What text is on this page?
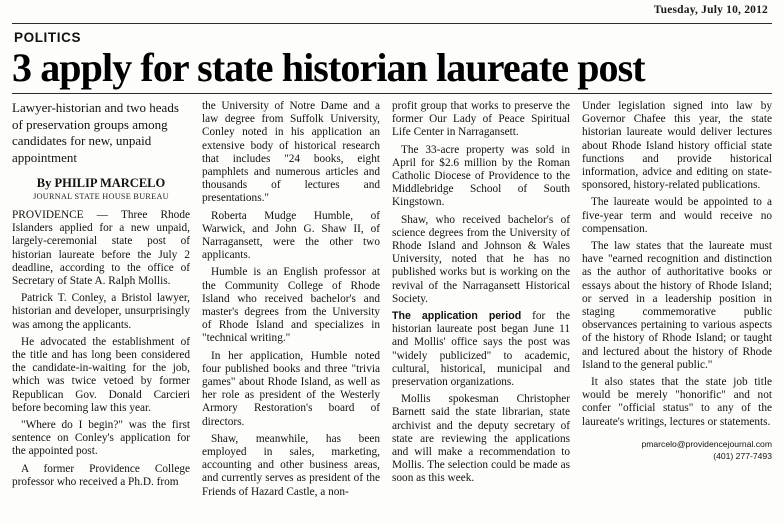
Tuesday, July 10, 2012
POLITICS
3 apply for state historian laureate post
Lawyer-historian and two heads of preservation groups among candidates for new, unpaid appointment
By PHILIP MARCELO
JOURNAL STATE HOUSE BUREAU

PROVIDENCE — Three Rhode Islanders applied for a new unpaid, largely-ceremonial state post of historian laureate before the July 2 deadline, according to the office of Secretary of State A. Ralph Mollis.

Patrick T. Conley, a Bristol lawyer, historian and developer, unsurprisingly was among the applicants.

He advocated the establishment of the title and has long been considered the candidate-in-waiting for the job, which was twice vetoed by former Republican Gov. Donald Carcieri before becoming law this year.

"Where do I begin?" was the first sentence on Conley's application for the appointed post.

A former Providence College professor who received a Ph.D. from

the University of Notre Dame and a law degree from Suffolk University, Conley noted in his application an extensive body of historical research that includes "24 books, eight pamphlets and numerous articles and thousands of lectures and presentations."

Roberta Mudge Humble, of Warwick, and John G. Shaw II, of Narragansett, were the other two applicants.

Humble is an English professor at the Community College of Rhode Island who received bachelor's and master's degrees from the University of Rhode Island and specializes in "technical writing."

In her application, Humble noted four published books and three "trivia games" about Rhode Island, as well as her role as president of the Westerly Armory Restoration's board of directors.

Shaw, meanwhile, has been employed in sales, marketing, accounting and other business areas, and currently serves as president of the Friends of Hazard Castle, a non-

profit group that works to preserve the former Our Lady of Peace Spiritual Life Center in Narragansett.

The 33-acre property was sold in April for $2.6 million by the Roman Catholic Diocese of Providence to the Middlebridge School of South Kingstown.

Shaw, who received bachelor's of science degrees from the University of Rhode Island and Johnson & Wales University, noted that he has no published works but is working on the revival of the Narragansett Historical Society.

The application period for the historian laureate post began June 11 and Mollis' office says the post was "widely publicized" to academic, cultural, historical, municipal and preservation organizations.

Mollis spokesman Christopher Barnett said the state librarian, state archivist and the deputy secretary of state are reviewing the applications and will make a recommendation to Mollis. The selection could be made as soon as this week.

Under legislation signed into law by Governor Chafee this year, the state historian laureate would deliver lectures about Rhode Island history official state functions and provide historical information, advice and editing on state-sponsored, history-related publications.

The laureate would be appointed to a five-year term and would receive no compensation.

The law states that the laureate must have "earned recognition and distinction as the author of authoritative books or essays about the history of Rhode Island; or served in a leadership position in staging commemorative public observances pertaining to various aspects of the history of Rhode Island; or taught and lectured about the history of Rhode Island to the general public."

It also states that the state job title would be merely "honorific" and not confer "official status" to any of the laureate's writings, lectures or statements.

pmarcelo@providencejournal.com
(401) 277-7493
